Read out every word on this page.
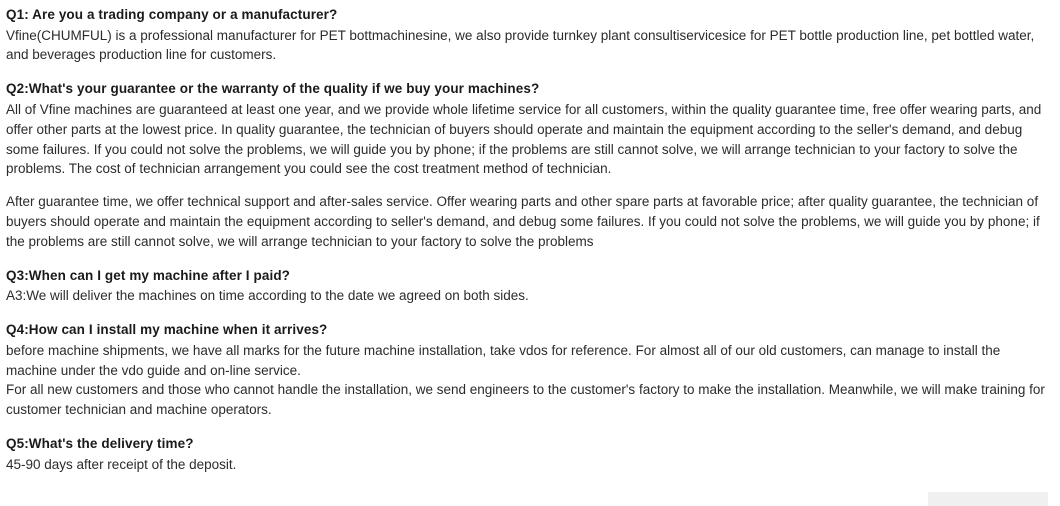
Q1: Are you a trading company or a manufacturer?

Vfine(CHUMFUL) is a professional manufacturer for PET bottmachinesine, we also provide turnkey plant consultiservicesice for PET bottle production line, pet bottled water, and beverages production line for customers.

Q2:What's your guarantee or the warranty of the quality if we buy your machines?

All of Vfine machines are guaranteed at least one year, and we provide whole lifetime service for all customers, within the quality guarantee time, free offer wearing parts, and offer other parts at the lowest price. In quality guarantee, the technician of buyers should operate and maintain the equipment according to the seller's demand, and debug some failures. If you could not solve the problems, we will guide you by phone; if the problems are still cannot solve, we will arrange technician to your factory to solve the problems. The cost of technician arrangement you could see the cost treatment method of technician.

After guarantee time, we offer technical support and after-sales service. Offer wearing parts and other spare parts at favorable price; after quality guarantee, the technician of buyers should operate and maintain the equipment according to seller's demand, and debug some failures. If you could not solve the problems, we will guide you by phone; if the problems are still cannot solve, we will arrange technician to your factory to solve the problems

Q3:When can I get my machine after I paid?

A3:We will deliver the machines on time according to the date we agreed on both sides.

Q4:How can I install my machine when it arrives?

before machine shipments, we have all marks for the future machine installation, take vdos for reference. For almost all of our old customers, can manage to install the machine under the vdo guide and on-line service.

For all new customers and those who cannot handle the installation, we send engineers to the customer's factory to make the installation. Meanwhile, we will make training for customer technician and machine operators.

Q5:What's the delivery time?

45-90 days after receipt of the deposit.
